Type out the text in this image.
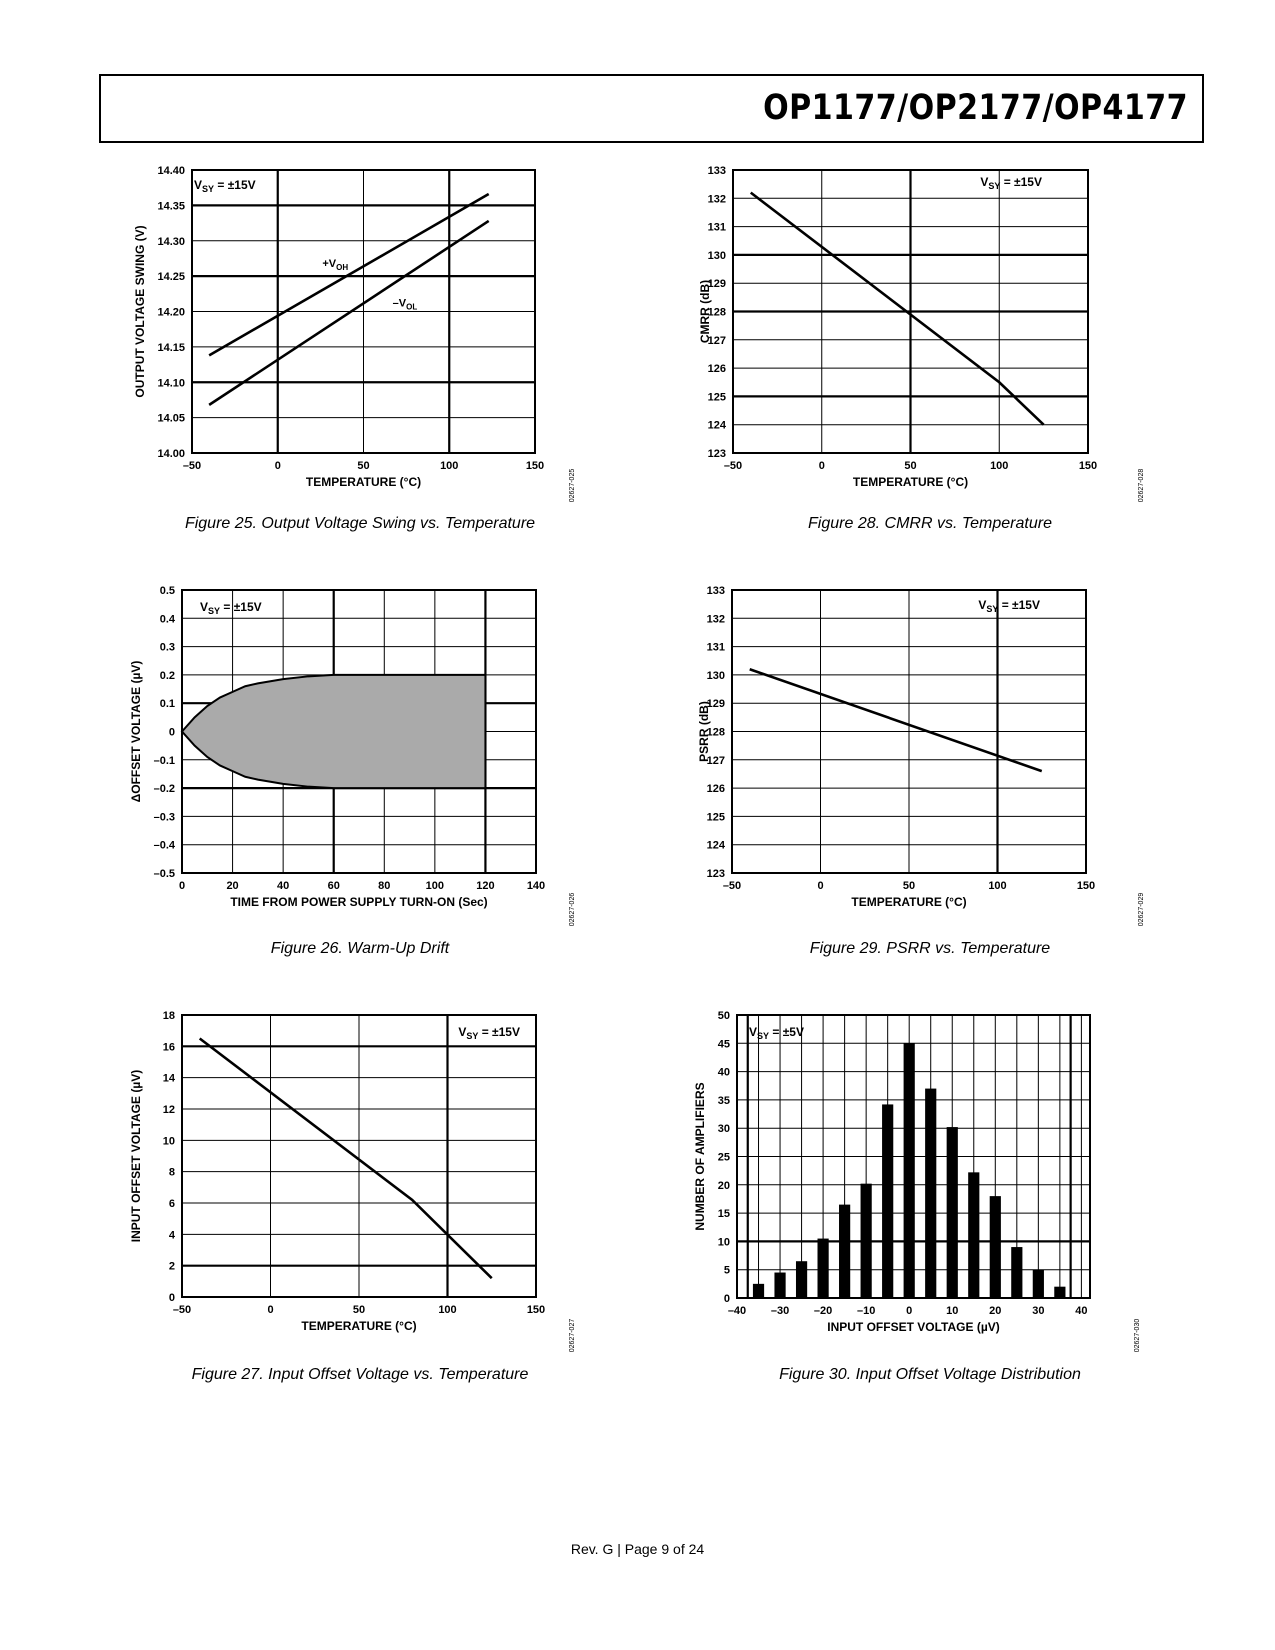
OP1177/OP2177/OP4177
$+V_{OH}$
$-V_{OL}$
–50	0	50	100	150
14.00
14.05
14.10
14.15
14.20
14.25
14.30
14.35
14.40
TEMPERATURE (°C)
OUTPUT VOLTAGE SWING (V)
$V_{SY} = \pm 15V$
Figure 25. Output Voltage Swing vs. Temperature
02627-025
–50	0	50	100	150
123
124
125
126
127
128
129
130
131
132
133
TEMPERATURE (°C)
CMRR (dB)
$V_{SY} = \pm 15V$
Figure 28. CMRR vs. Temperature
02627-028
0	20	40	60	80	100	120	140
–0.5
–0.4
–0.3
–0.2
–0.1
0
0.1
0.2
0.3
0.4
0.5
TIME FROM POWER SUPPLY TURN-ON (Sec)
ΔOFFSET VOLTAGE (µV)
$V_{SY} = \pm 15V$
Figure 26. Warm-Up Drift
02627-026
–50	0	50	100	150
123
124
125
126
127
128
129
130
131
132
133
TEMPERATURE (°C)
PSRR (dB)
$V_{SY} = \pm 15V$
Figure 29. PSRR vs. Temperature
02627-029
–50	0	50	100	150
0
2
4
6
8
10
12
14
16
18
TEMPERATURE (°C)
INPUT OFFSET VOLTAGE (µV)
$V_{SY} = \pm 15V$
Figure 27. Input Offset Voltage vs. Temperature
02627-027
–40 –30 –20 –10	0	10	20	30	40
0
5
10
15
20
25
30
35
40
45
50
INPUT OFFSET VOLTAGE (µV)
NUMBER OF AMPLIFIERS
$V_{SY} = \pm 5V$
Figure 30. Input Offset Voltage Distribution
02627-030
Rev. G | Page 9 of 24
